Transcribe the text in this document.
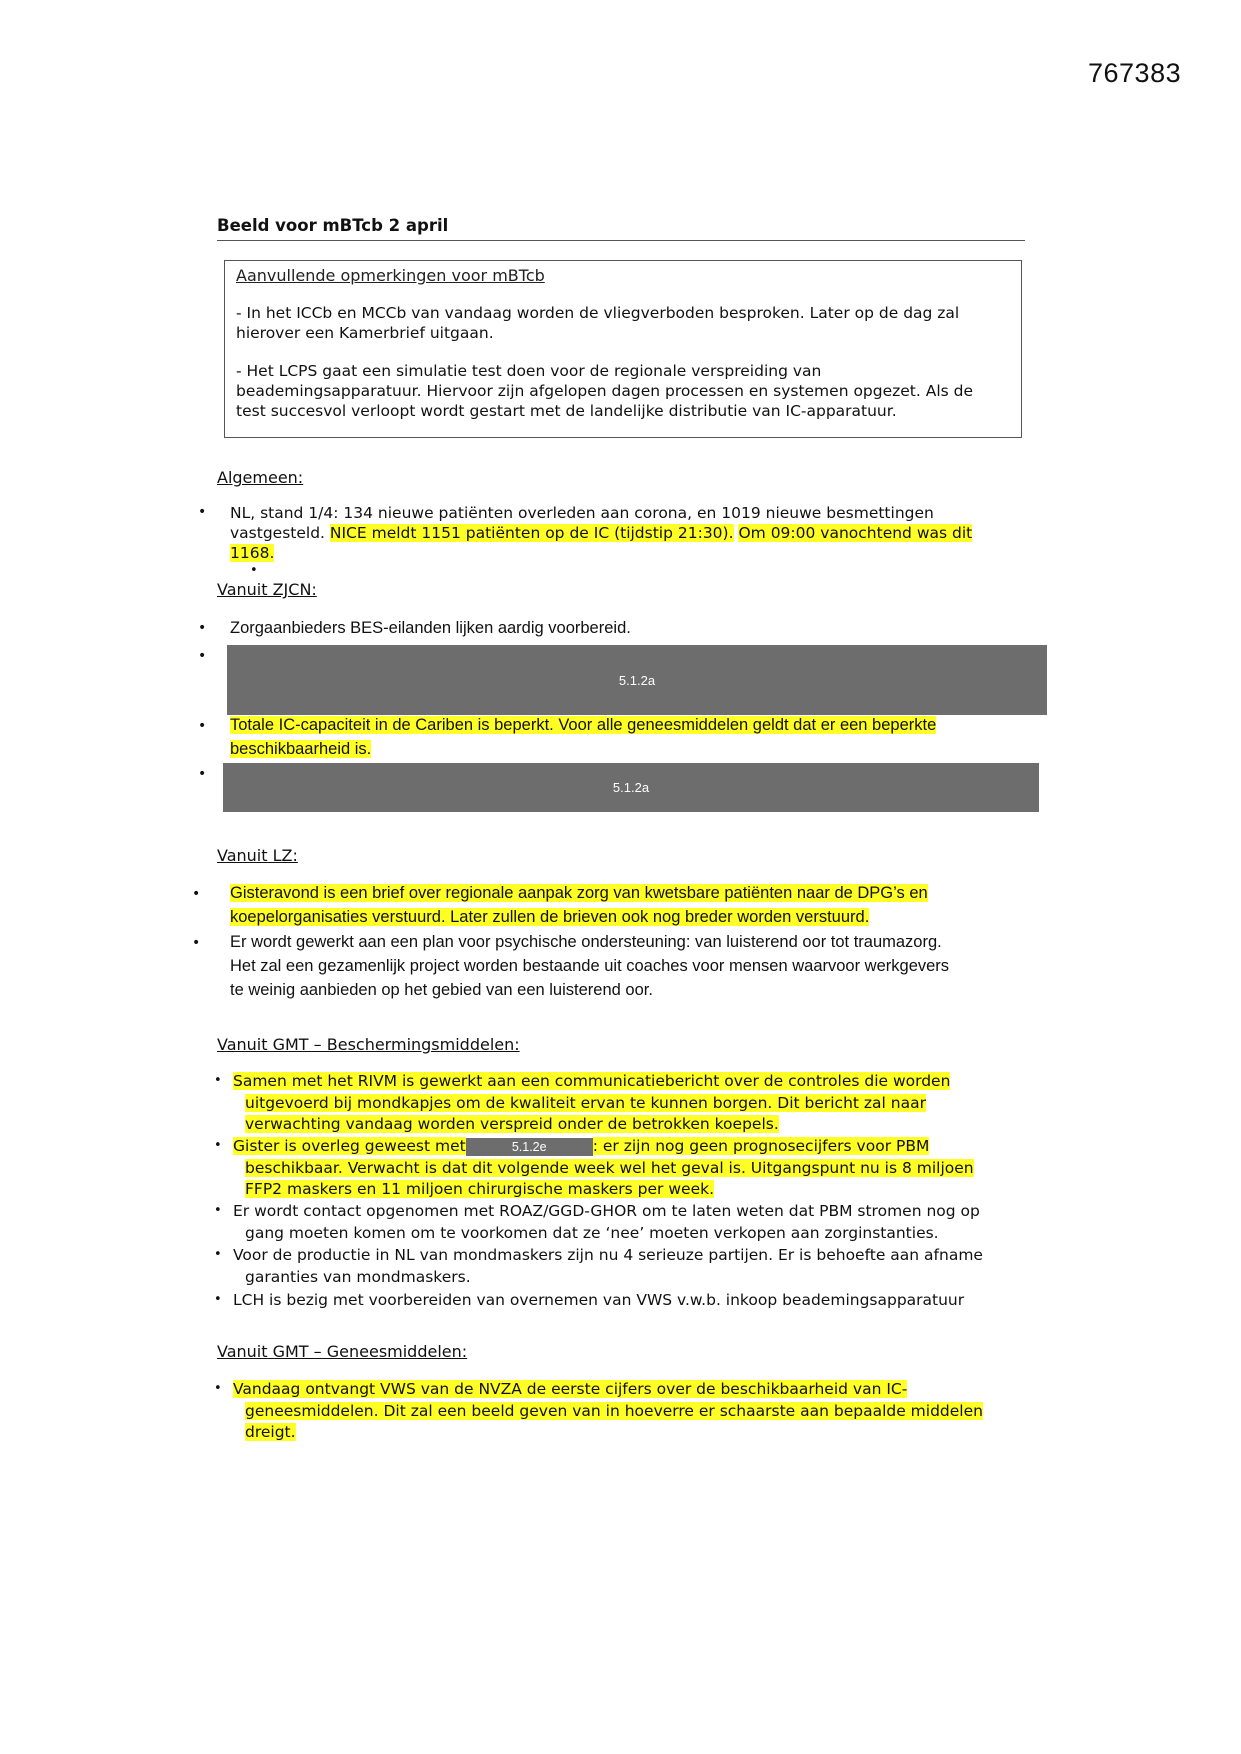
767383
Beeld voor mBTcb 2 april
Aanvullende opmerkingen voor mBTcb
- In het ICCb en MCCb van vandaag worden de vliegverboden besproken. Later op de dag zal
hierover een Kamerbrief uitgaan.
- Het LCPS gaat een simulatie test doen voor de regionale verspreiding van
beademingsapparatuur. Hiervoor zijn afgelopen dagen processen en systemen opgezet. Als de
test succesvol verloopt wordt gestart met de landelijke distributie van IC-apparatuur.
Algemeen:
• NL, stand 1/4: 134 nieuwe patiënten overleden aan corona, en 1019 nieuwe besmettingen
vastgesteld. NICE meldt 1151 patiënten op de IC (tijdstip 21:30). Om 09:00 vanochtend was dit
1168.
•
Vanuit ZJCN:
• Zorgaanbieders BES-eilanden lijken aardig voorbereid.
•
5.1.2a
• Totale IC-capaciteit in de Cariben is beperkt. Voor alle geneesmiddelen geldt dat er een beperkte
beschikbaarheid is.
•
5.1.2a
Vanuit LZ:
• Gisteravond is een brief over regionale aanpak zorg van kwetsbare patiënten naar de DPG’s en
koepelorganisaties verstuurd. Later zullen de brieven ook nog breder worden verstuurd.
• Er wordt gewerkt aan een plan voor psychische ondersteuning: van luisterend oor tot traumazorg.
Het zal een gezamenlijk project worden bestaande uit coaches voor mensen waarvoor werkgevers
te weinig aanbieden op het gebied van een luisterend oor.
Vanuit GMT – Beschermingsmiddelen:
• Samen met het RIVM is gewerkt aan een communicatiebericht over de controles die worden
uitgevoerd bij mondkapjes om de kwaliteit ervan te kunnen borgen. Dit bericht zal naar
verwachting vandaag worden verspreid onder de betrokken koepels.
• Gister is overleg geweest met	5.1.2e	: er zijn nog geen prognosecijfers voor PBM
beschikbaar. Verwacht is dat dit volgende week wel het geval is. Uitgangspunt nu is 8 miljoen
FFP2 maskers en 11 miljoen chirurgische maskers per week.
• Er wordt contact opgenomen met ROAZ/GGD-GHOR om te laten weten dat PBM stromen nog op
gang moeten komen om te voorkomen dat ze ‘nee’ moeten verkopen aan zorginstanties.
• Voor de productie in NL van mondmaskers zijn nu 4 serieuze partijen. Er is behoefte aan afname
garanties van mondmaskers.
• LCH is bezig met voorbereiden van overnemen van VWS v.w.b. inkoop beademingsapparatuur
Vanuit GMT – Geneesmiddelen:
• Vandaag ontvangt VWS van de NVZA de eerste cijfers over de beschikbaarheid van IC-
geneesmiddelen. Dit zal een beeld geven van in hoeverre er schaarste aan bepaalde middelen
dreigt.
